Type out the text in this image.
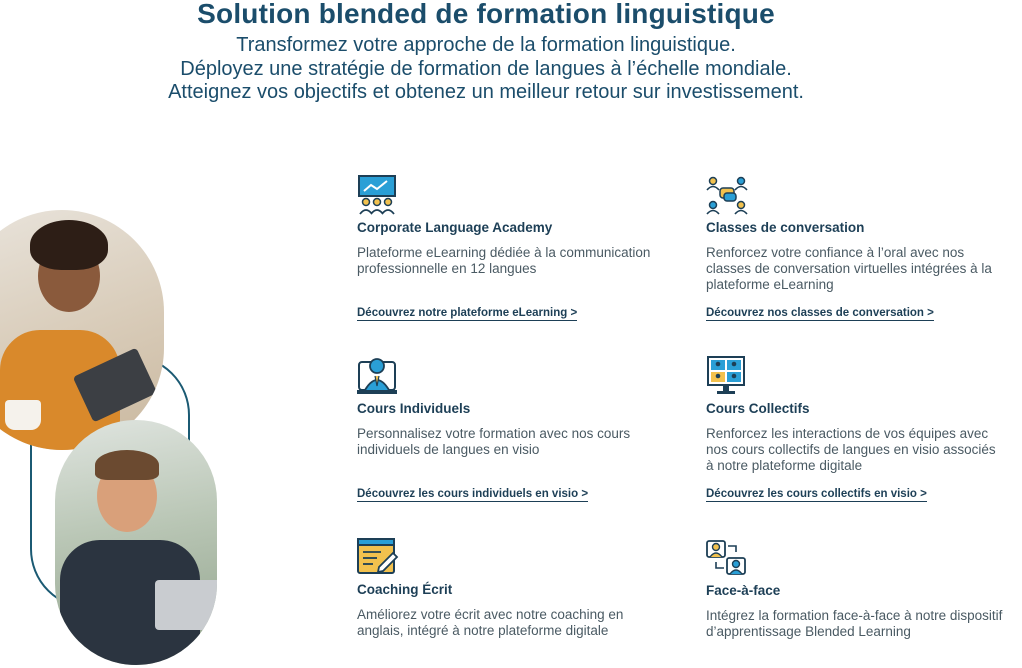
Solution blended de formation linguistique

Transformez votre approche de la formation linguistique.

Déployez une stratégie de formation de langues à l’échelle mondiale.

Atteignez vos objectifs et obtenez un meilleur retour sur investissement.

Corporate Language Academy
Plateforme eLearning dédiée à la communication professionnelle en 12 langues
Découvrez notre plateforme eLearning >
Classes de conversation
Renforcez votre confiance à l’oral avec nos classes de conversation virtuelles intégrées à la plateforme eLearning
Découvrez nos classes de conversation >
Cours Individuels
Personnalisez votre formation avec nos cours individuels de langues en visio
Découvrez les cours individuels en visio >
Cours Collectifs
Renforcez les interactions de vos équipes avec nos cours collectifs de langues en visio associés à notre plateforme digitale
Découvrez les cours collectifs en visio >
Coaching Écrit
Améliorez votre écrit avec notre coaching en anglais, intégré à notre plateforme digitale
Face-à-face
Intégrez la formation face-à-face à notre dispositif d’apprentissage Blended Learning
